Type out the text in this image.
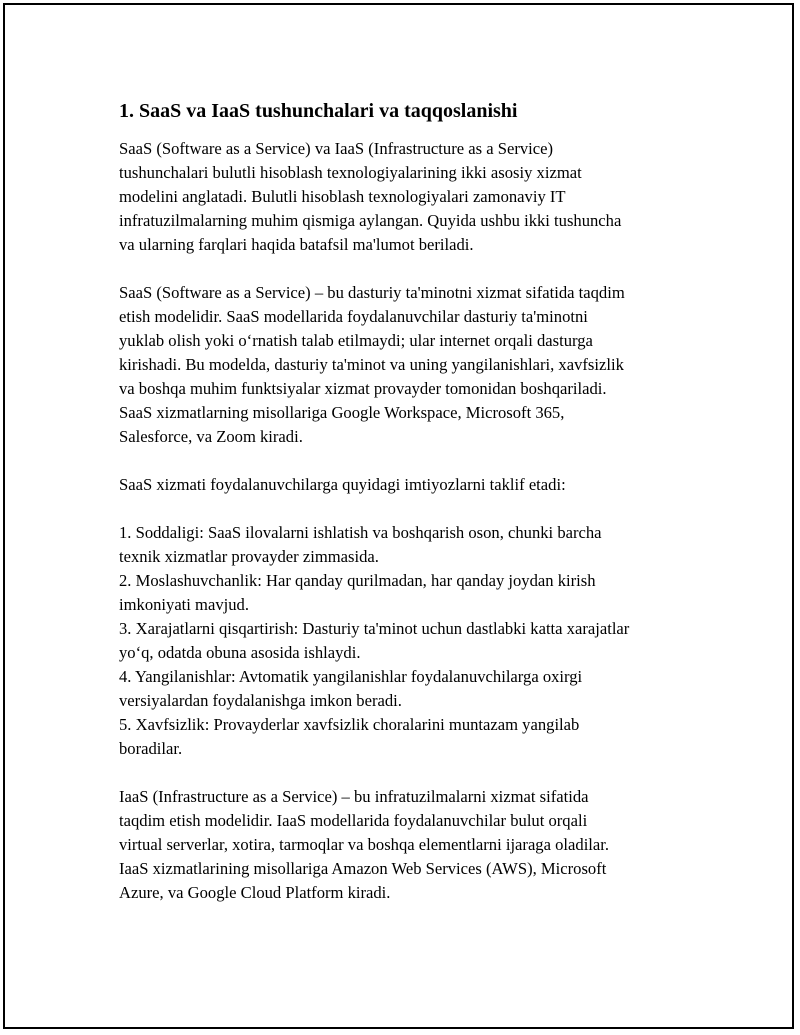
1. SaaS va IaaS tushunchalari va taqqoslanishi

SaaS (Software as a Service) va IaaS (Infrastructure as a Service)
tushunchalari bulutli hisoblash texnologiyalarining ikki asosiy xizmat
modelini anglatadi. Bulutli hisoblash texnologiyalari zamonaviy IT
infratuzilmalarning muhim qismiga aylangan. Quyida ushbu ikki tushuncha
va ularning farqlari haqida batafsil ma'lumot beriladi.

SaaS (Software as a Service) – bu dasturiy ta'minotni xizmat sifatida taqdim
etish modelidir. SaaS modellarida foydalanuvchilar dasturiy ta'minotni
yuklab olish yoki o‘rnatish talab etilmaydi; ular internet orqali dasturga
kirishadi. Bu modelda, dasturiy ta'minot va uning yangilanishlari, xavfsizlik
va boshqa muhim funktsiyalar xizmat provayder tomonidan boshqariladi.
SaaS xizmatlarning misollariga Google Workspace, Microsoft 365,
Salesforce, va Zoom kiradi.

SaaS xizmati foydalanuvchilarga quyidagi imtiyozlarni taklif etadi:

1. Soddaligi: SaaS ilovalarni ishlatish va boshqarish oson, chunki barcha
texnik xizmatlar provayder zimmasida.
2. Moslashuvchanlik: Har qanday qurilmadan, har qanday joydan kirish
imkoniyati mavjud.
3. Xarajatlarni qisqartirish: Dasturiy ta'minot uchun dastlabki katta xarajatlar
yo‘q, odatda obuna asosida ishlaydi.
4. Yangilanishlar: Avtomatik yangilanishlar foydalanuvchilarga oxirgi
versiyalardan foydalanishga imkon beradi.
5. Xavfsizlik: Provayderlar xavfsizlik choralarini muntazam yangilab
boradilar.

IaaS (Infrastructure as a Service) – bu infratuzilmalarni xizmat sifatida
taqdim etish modelidir. IaaS modellarida foydalanuvchilar bulut orqali
virtual serverlar, xotira, tarmoqlar va boshqa elementlarni ijaraga oladilar.
IaaS xizmatlarining misollariga Amazon Web Services (AWS), Microsoft
Azure, va Google Cloud Platform kiradi.
